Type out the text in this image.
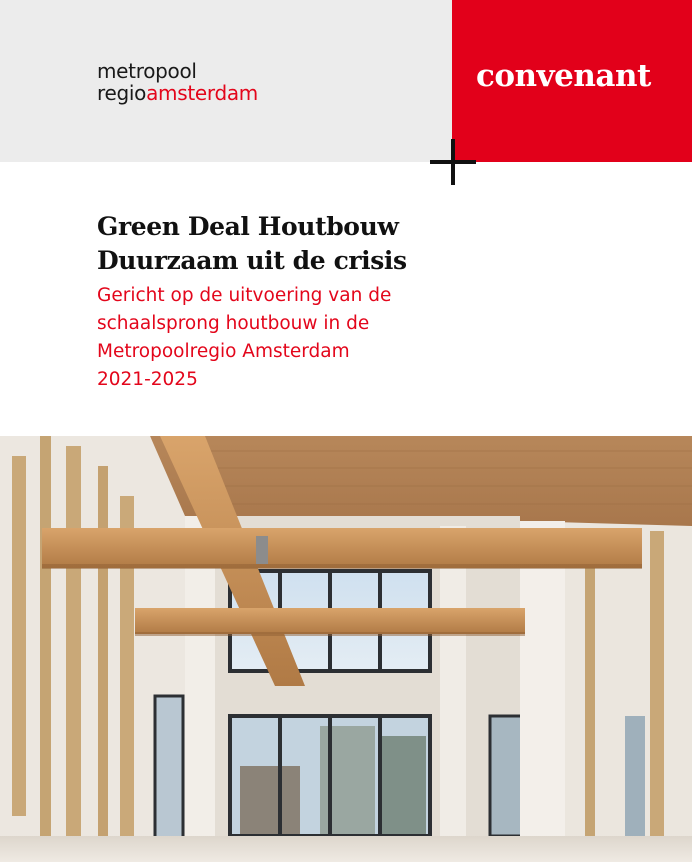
metropool
regioamsterdam	convenant
Green Deal Houtbouw
Duurzaam uit de crisis
Gericht op de uitvoering van de
schaalsprong houtbouw in de
Metropoolregio Amsterdam
2021-2025
